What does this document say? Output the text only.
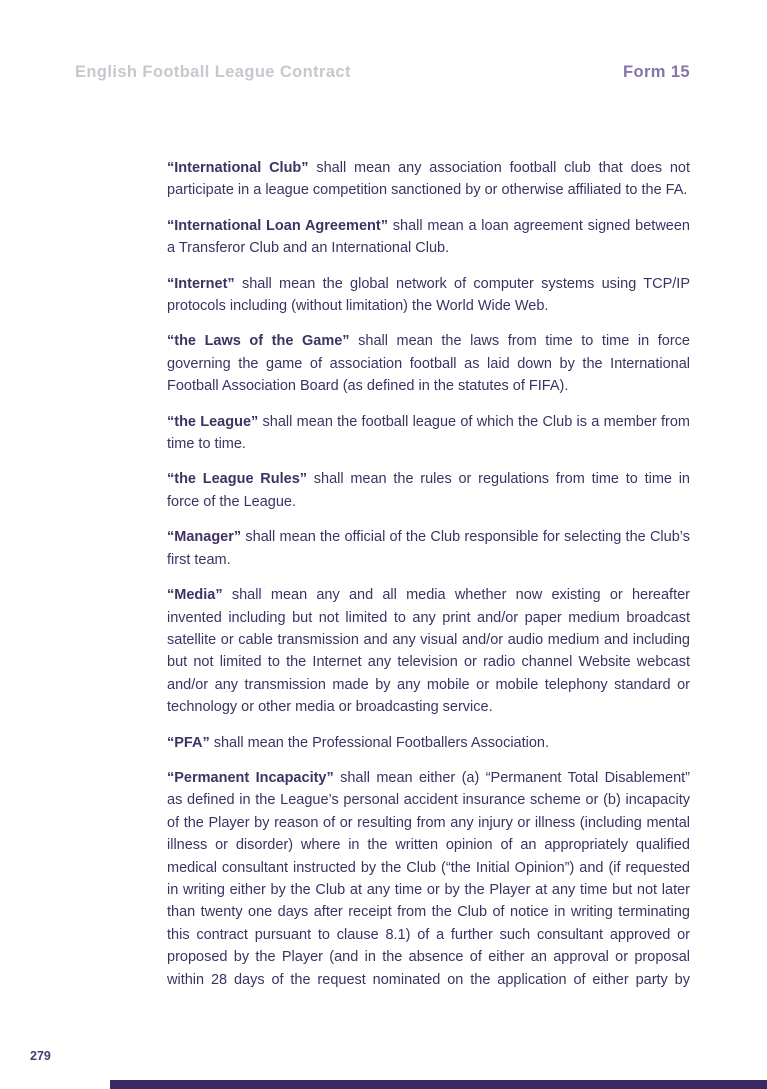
English Football League Contract	Form 15

“International Club” shall mean any association football club that does not participate in a league competition sanctioned by or otherwise affiliated to the FA.

“International Loan Agreement” shall mean a loan agreement signed between a Transferor Club and an International Club.

“Internet” shall mean the global network of computer systems using TCP/IP protocols including (without limitation) the World Wide Web.

“the Laws of the Game” shall mean the laws from time to time in force governing the game of association football as laid down by the International Football Association Board (as defined in the statutes of FIFA).

“the League” shall mean the football league of which the Club is a member from time to time.

“the League Rules” shall mean the rules or regulations from time to time in force of the League.

“Manager” shall mean the official of the Club responsible for selecting the Club’s first team.

“Media” shall mean any and all media whether now existing or hereafter invented including but not limited to any print and/or paper medium broadcast satellite or cable transmission and any visual and/or audio medium and including but not limited to the Internet any television or radio channel Website webcast and/or any transmission made by any mobile or mobile telephony standard or technology or other media or broadcasting service.

“PFA” shall mean the Professional Footballers Association.

“Permanent Incapacity” shall mean either (a) “Permanent Total Disablement” as defined in the League’s personal accident insurance scheme or (b) incapacity of the Player by reason of or resulting from any injury or illness (including mental illness or disorder) where in the written opinion of an appropriately qualified medical consultant instructed by the Club (“the Initial Opinion”) and (if requested in writing either by the Club at any time or by the Player at any time but not later than twenty one days after receipt from the Club of notice in writing terminating this contract pursuant to clause 8.1) of a further such consultant approved or proposed by the Player (and in the absence of either an approval or proposal within 28 days of the request nominated on the application of either party by

279
